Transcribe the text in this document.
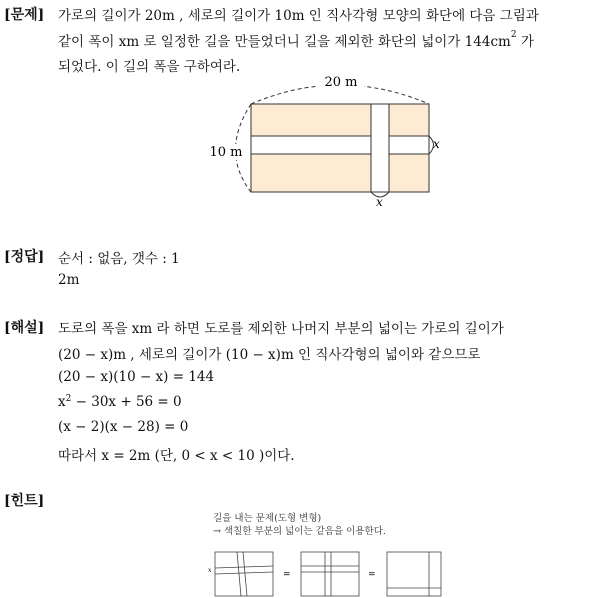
[문제] 가로의 길이가 20m , 세로의 길이가 10m 인 직사각형 모양의 화단에 다음 그림과
같이 폭이 xm 로 일정한 길을 만들었더니 길을 제외한 화단의 넓이가 $144cm^2$ 가
되었다. 이 길의 폭을 구하여라.
20 m
10 m
x
x
[정답] 순서 : 없음, 갯수 : 1
2m
[해설] 도로의 폭을 xm 라 하면 도로를 제외한 나머지 부분의 넓이는 가로의 길이가
(20 − x)m , 세로의 길이가 (10 − x)m 인 직사각형의 넓이와 같으므로
(20 − x)(10 − x) = 144
$x^2 - 30x + 56 = 0$
(x − 2)(x − 28) = 0
따라서 x = 2m (단, 0 < x < 10 )이다.
[힌트]
길을 내는 문제(도형 변형)
→ 색칠한 부분의 넓이는 같음을 이용한다.
x	=	=
